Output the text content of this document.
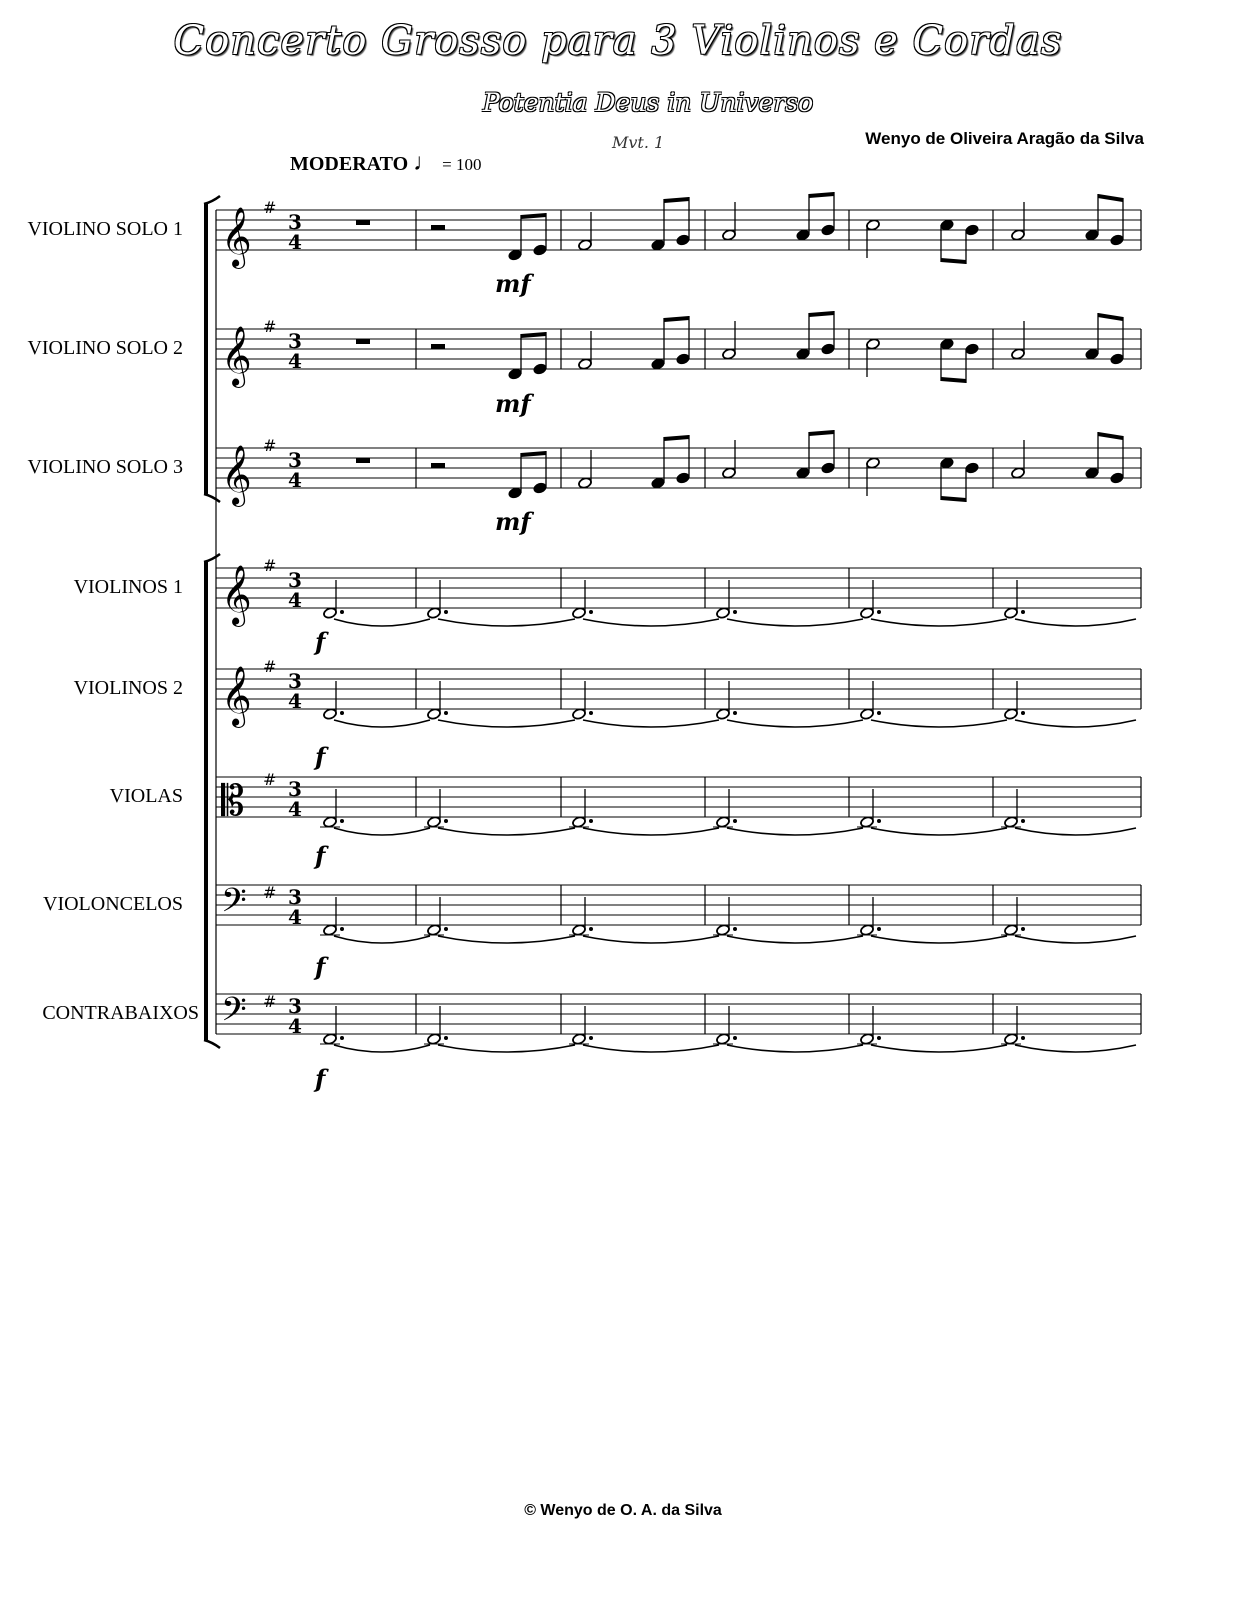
Concerto Grosso para 3 Violinos e Cordas
Potentia Deus in Universo
Mvt. 1	Wenyo de Oliveira Aragão da Silva
MODERATO ♩ = 100
VIOLINO SOLO 1
VIOLINO SOLO 2
VIOLINO SOLO 3
VIOLINOS 1
VIOLINOS 2
VIOLAS
VIOLONCELOS
CONTRABAIXOS
𝄞 #
3
4
𝄞 #
3
4
𝄞 #
3
4
𝄞 #
3
4
𝄞 #
3
4
𝄡 # 3
4
𝄢 # 3
4
𝄢 # 3
4
mf
mf
mf
f
f
f
f
f
© Wenyo de O. A. da Silva
